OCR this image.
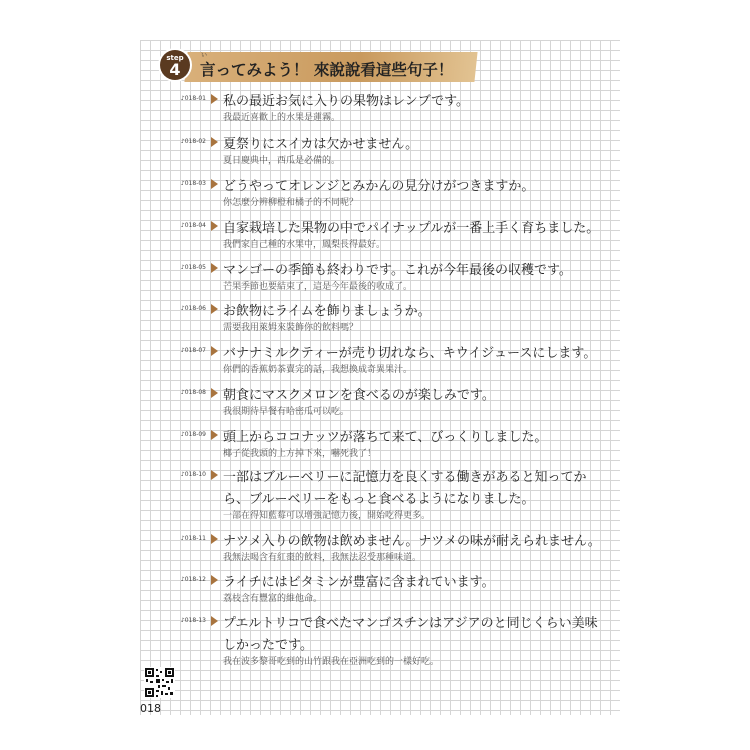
い
言ってみよう！ 來說說看這些句子！
step
4
♪018-01 私の最近お気に入りの果物はレンブです。
我最近喜歡上的水果是蓮霧。
♪018-02 夏祭りにスイカは欠かせません。
夏日慶典中，西瓜是必備的。
♪018-03 どうやってオレンジとみかんの見分けがつきますか。
你怎麼分辨柳橙和橘子的不同呢？
♪018-04 自家栽培した果物の中でパイナップルが一番上手く育ちました。
我們家自己種的水果中，鳳梨長得最好。
♪018-05 マンゴーの季節も終わりです。これが今年最後の収穫です。
芒果季節也要結束了，這是今年最後的收成了。
♪018-06 お飲物にライムを飾りましょうか。
需要我用萊姆來裝飾你的飲料嗎？
♪018-07 バナナミルクティーが売り切れなら、キウイジュースにします。
你們的香蕉奶茶賣完的話，我想換成奇異果汁。
♪018-08 朝食にマスクメロンを食べるのが楽しみです。
我很期待早餐有哈密瓜可以吃。
♪018-09 頭上からココナッツが落ちて来て、びっくりしました。
椰子從我頭的上方掉下來，嚇死我了！
♪018-10 一部はブルーベリーに記憶力を良くする働きがあると知ってか
ら、ブルーベリーをもっと食べるようになりました。
一部在得知藍莓可以增強記憶力後，開始吃得更多。
♪018-11 ナツメ入りの飲物は飲めません。ナツメの味が耐えられません。
我無法喝含有紅棗的飲料，我無法忍受那種味道。
♪018-12 ライチにはビタミンが豊富に含まれています。
荔枝含有豐富的維他命。
♪018-13 プエルトリコで食べたマンゴスチンはアジアのと同じくらい美味
しかったです。
我在波多黎哥吃到的山竹跟我在亞洲吃到的一樣好吃。
018
